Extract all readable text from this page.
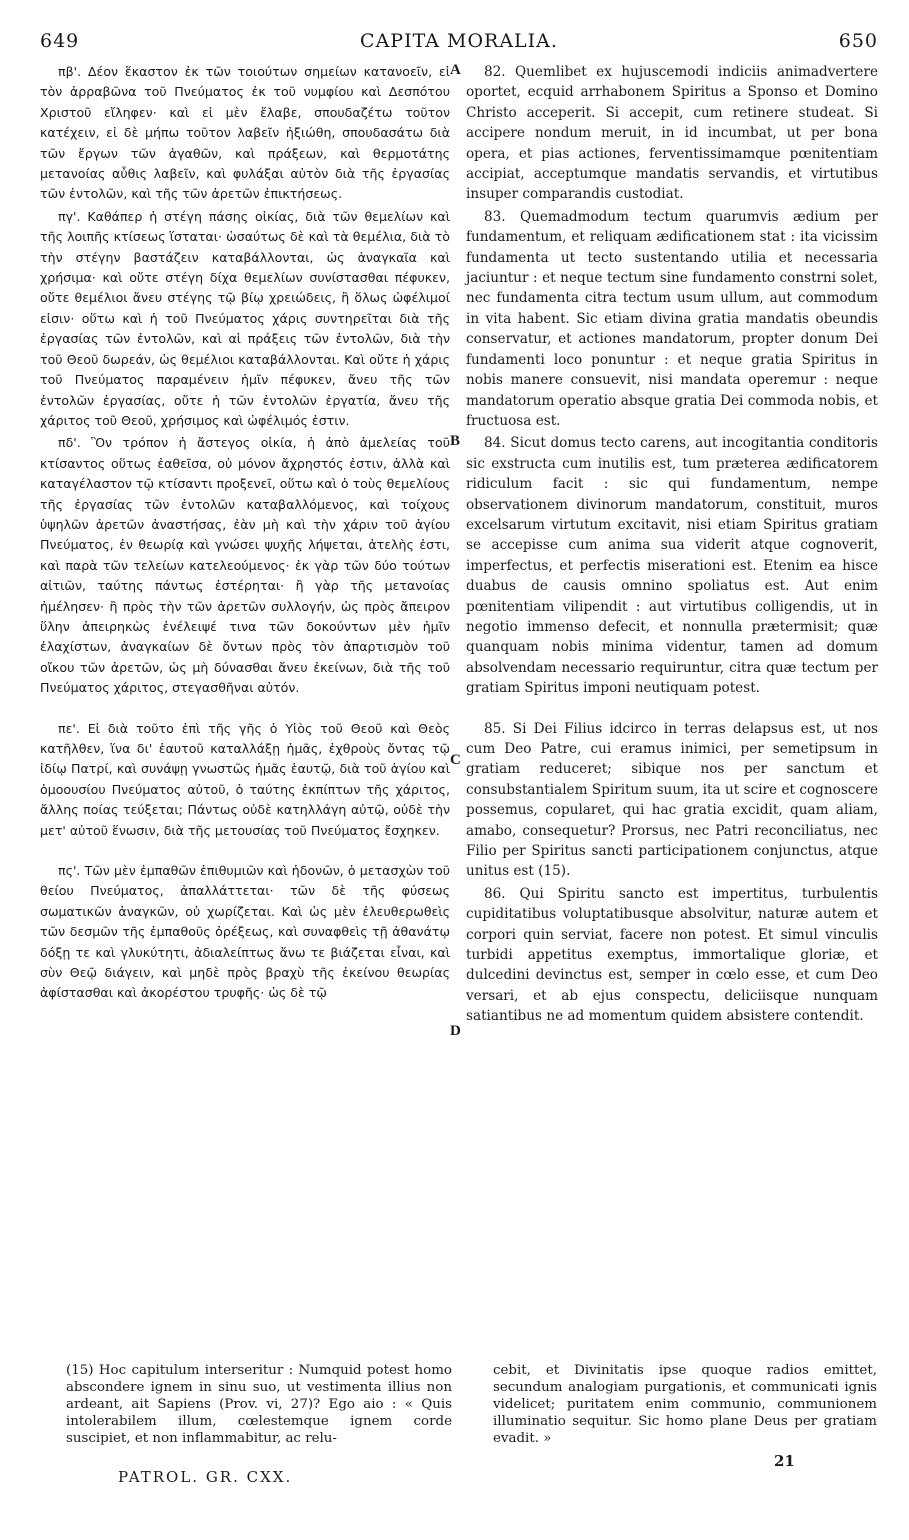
649	CAPITA MORALIA.	650

πβ'. Δέον ἕκαστον ἐκ τῶν τοιούτων σημείων κατανοεῖν, εἰ τὸν ἀρραβῶνα τοῦ Πνεύματος ἐκ τοῦ νυμφίου καὶ Δεσπότου Χριστοῦ εἴληφεν· καὶ εἰ μὲν ἔλαβε, σπουδαζέτω τοῦτον κατέχειν, εἰ δὲ μήπω τοῦτον λαβεῖν ἠξιώθη, σπουδασάτω διὰ τῶν ἔργων τῶν ἀγαθῶν, καὶ πράξεων, καὶ θερμοτάτης μετανοίας αὖθις λαβεῖν, καὶ φυλάξαι αὐτὸν διὰ τῆς ἐργασίας τῶν ἐντολῶν, καὶ τῆς τῶν ἀρετῶν ἐπικτήσεως.

πγ'. Καθάπερ ἡ στέγη πάσης οἰκίας, διὰ τῶν θεμελίων καὶ τῆς λοιπῆς κτίσεως ἵσταται· ὡσαύτως δὲ καὶ τὰ θεμέλια, διὰ τὸ τὴν στέγην βαστάζειν καταβάλλονται, ὡς ἀναγκαῖα καὶ χρήσιμα· καὶ οὔτε στέγη δίχα θεμελίων συνίστασθαι πέφυκεν, οὔτε θεμέλιοι ἄνευ στέγης τῷ βίῳ χρειώδεις, ἢ ὅλως ὠφέλιμοί εἰσιν· οὕτω καὶ ἡ τοῦ Πνεύματος χάρις συντηρεῖται διὰ τῆς ἐργασίας τῶν ἐντολῶν, καὶ αἱ πράξεις τῶν ἐντολῶν, διὰ τὴν τοῦ Θεοῦ δωρεάν, ὡς θεμέλιοι καταβάλλονται. Καὶ οὔτε ἡ χάρις τοῦ Πνεύματος παραμένειν ἡμῖν πέφυκεν, ἄνευ τῆς τῶν ἐντολῶν ἐργασίας, οὔτε ἡ τῶν ἐντολῶν ἐργατία, ἄνευ τῆς χάριτος τοῦ Θεοῦ, χρήσιμος καὶ ὠφέλιμός ἐστιν.

πδ'. Ὃν τρόπον ἡ ἄστεγος οἰκία, ἡ ἀπὸ ἀμελείας τοῦ κτίσαντος οὕτως ἐαθεῖσα, οὐ μόνον ἄχρηστός ἐστιν, ἀλλὰ καὶ καταγέλαστον τῷ κτίσαντι προξενεῖ, οὕτω καὶ ὁ τοὺς θεμελίους τῆς ἐργασίας τῶν ἐντολῶν καταβαλλόμενος, καὶ τοίχους ὑψηλῶν ἀρετῶν ἀναστήσας, ἐὰν μὴ καὶ τὴν χάριν τοῦ ἁγίου Πνεύματος, ἐν θεωρίᾳ καὶ γνώσει ψυχῆς λήψεται, ἀτελὴς ἐστι, καὶ παρὰ τῶν τελείων κατελεούμενος· ἐκ γὰρ τῶν δύο τούτων αἰτιῶν, ταύτης πάντως ἐστέρηται· ἢ γὰρ τῆς μετανοίας ἠμέλησεν· ἢ πρὸς τὴν τῶν ἀρετῶν συλλογήν, ὡς πρὸς ἄπειρον ὕλην ἀπειρηκὼς ἐνέλειψέ τινα τῶν δοκούντων μὲν ἡμῖν ἐλαχίστων, ἀναγκαίων δὲ ὄντων πρὸς τὸν ἀπαρτισμὸν τοῦ οἴκου τῶν ἀρετῶν, ὡς μὴ δύνασθαι ἄνευ ἐκείνων, διὰ τῆς τοῦ Πνεύματος χάριτος, στεγασθῆναι αὐτόν.

πε'. Εἰ διὰ τοῦτο ἐπὶ τῆς γῆς ὁ Υἱὸς τοῦ Θεοῦ καὶ Θεὸς κατῆλθεν, ἵνα δι' ἑαυτοῦ καταλλάξῃ ἡμᾶς, ἐχθροὺς ὄντας τῷ ἰδίῳ Πατρί, καὶ συνάψῃ γνωστῶς ἡμᾶς ἑαυτῷ, διὰ τοῦ ἁγίου καὶ ὁμοουσίου Πνεύματος αὐτοῦ, ὁ ταύτης ἐκπίπτων τῆς χάριτος, ἄλλης ποίας τεύξεται; Πάντως οὐδὲ κατηλλάγη αὐτῷ, οὐδὲ τὴν μετ' αὐτοῦ ἕνωσιν, διὰ τῆς μετουσίας τοῦ Πνεύματος ἔσχηκεν.

πς'. Τῶν μὲν ἐμπαθῶν ἐπιθυμιῶν καὶ ἡδονῶν, ὁ μετασχὼν τοῦ θείου Πνεύματος, ἀπαλλάττεται· τῶν δὲ τῆς φύσεως σωματικῶν ἀναγκῶν, οὐ χωρίζεται. Καὶ ὡς μὲν ἐλευθερωθεὶς τῶν δεσμῶν τῆς ἐμπαθοῦς ὀρέξεως, καὶ συναφθεὶς τῇ ἀθανάτῳ δόξῃ τε καὶ γλυκύτητι, ἀδιαλείπτως ἄνω τε βιάζεται εἶναι, καὶ σὺν Θεῷ διάγειν, καὶ μηδὲ πρὸς βραχὺ τῆς ἐκείνου θεωρίας ἀφίστασθαι καὶ ἀκορέστου τρυφῆς· ὡς δὲ τῷ

A
B
C
D

82. Quemlibet ex hujuscemodi indiciis animadvertere oportet, ecquid arrhabonem Spiritus a Sponso et Domino Christo acceperit. Si accepit, cum retinere studeat. Si accipere nondum meruit, in id incumbat, ut per bona opera, et pias actiones, ferventissimamque pœnitentiam accipiat, acceptumque mandatis servandis, et virtutibus insuper comparandis custodiat.

83. Quemadmodum tectum quarumvis ædium per fundamentum, et reliquam ædificationem stat : ita vicissim fundamenta ut tecto sustentando utilia et necessaria jaciuntur : et neque tectum sine fundamento constrni solet, nec fundamenta citra tectum usum ullum, aut commodum in vita habent. Sic etiam divina gratia mandatis obeundis conservatur, et actiones mandatorum, propter donum Dei fundamenti loco ponuntur : et neque gratia Spiritus in nobis manere consuevit, nisi mandata operemur : neque mandatorum operatio absque gratia Dei commoda nobis, et fructuosa est.

84. Sicut domus tecto carens, aut incogitantia conditoris sic exstructa cum inutilis est, tum præterea ædificatorem ridiculum facit : sic qui fundamentum, nempe observationem divinorum mandatorum, constituit, muros excelsarum virtutum excitavit, nisi etiam Spiritus gratiam se accepisse cum anima sua viderit atque cognoverit, imperfectus, et perfectis miserationi est. Etenim ea hisce duabus de causis omnino spoliatus est. Aut enim pœnitentiam vilipendit : aut virtutibus colligendis, ut in negotio immenso defecit, et nonnulla prætermisit; quæ quanquam nobis minima videntur, tamen ad domum absolvendam necessario requiruntur, citra quæ tectum per gratiam Spiritus imponi neutiquam potest.

85. Si Dei Filius idcirco in terras delapsus est, ut nos cum Deo Patre, cui eramus inimici, per semetipsum in gratiam reduceret; sibique nos per sanctum et consubstantialem Spiritum suum, ita ut scire et cognoscere possemus, copularet, qui hac gratia excidit, quam aliam, amabo, consequetur? Prorsus, nec Patri reconciliatus, nec Filio per Spiritus sancti participationem conjunctus, atque unitus est (15).

86. Qui Spiritu sancto est impertitus, turbulentis cupiditatibus voluptatibusque absolvitur, naturæ autem et corpori quin serviat, facere non potest. Et simul vinculis turbidi appetitus exemptus, immortalique gloriæ, et dulcedini devinctus est, semper in cœlo esse, et cum Deo versari, et ab ejus conspectu, deliciisque nunquam satiantibus ne ad momentum quidem absistere contendit.

(15) Hoc capitulum interseritur : Numquid potest homo abscondere ignem in sinu suo, ut vestimenta illius non ardeant, ait Sapiens (Prov. vi, 27)? Ego aio : « Quis intolerabilem illum, cœlestemque ignem corde suscipiet, et non inflammabitur, ac relu-

cebit, et Divinitatis ipse quoque radios emittet, secundum analogiam purgationis, et communicati ignis videlicet; puritatem enim communio, communionem illuminatio sequitur. Sic homo plane Deus per gratiam evadit. »

PATROL. GR. CXX.
21
